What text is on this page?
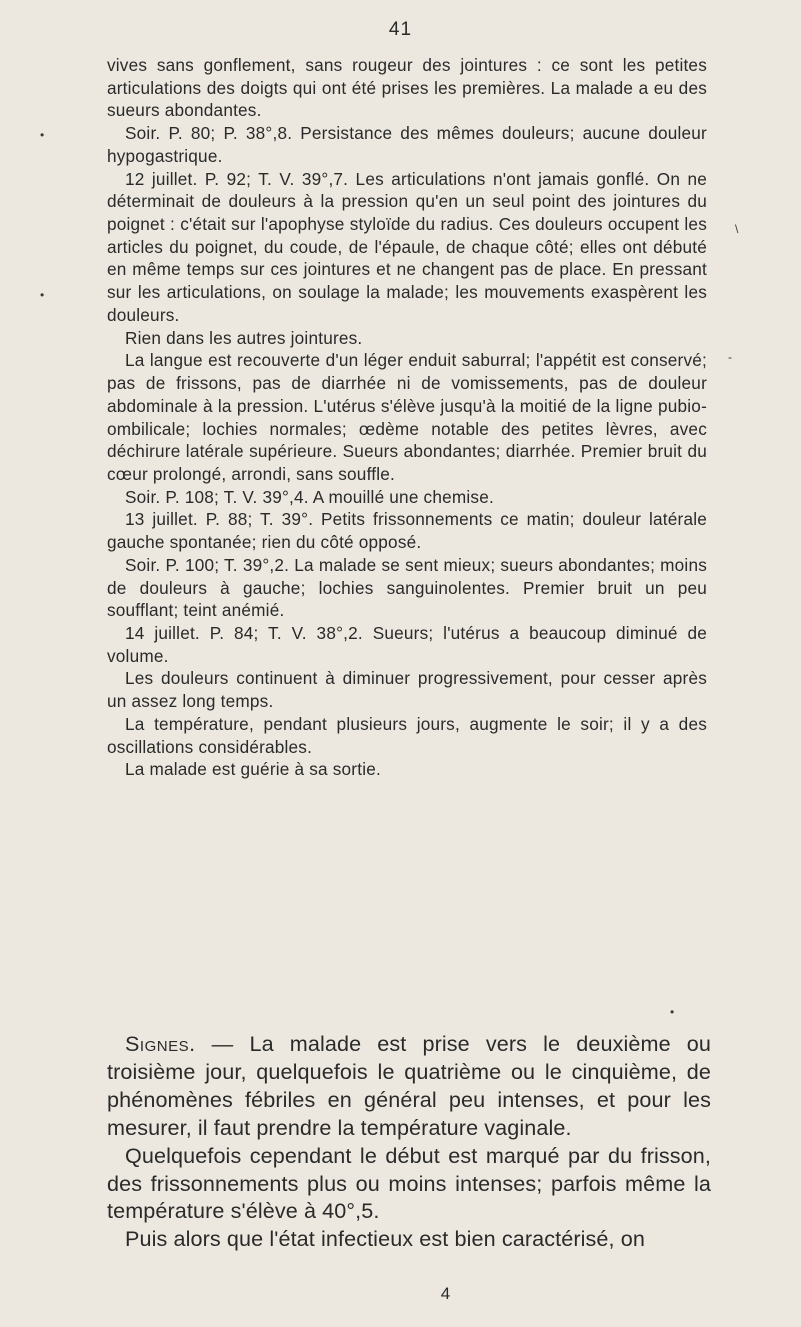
41
•
•
\
-
•

vives sans gonflement, sans rougeur des jointures : ce sont les petites articulations des doigts qui ont été prises les premières. La malade a eu des sueurs abondantes.

Soir. P. 80; P. 38°,8. Persistance des mêmes douleurs; aucune douleur hypogastrique.

12 juillet. P. 92; T. V. 39°,7. Les articulations n'ont jamais gonflé. On ne déterminait de douleurs à la pression qu'en un seul point des jointures du poignet : c'était sur l'apophyse styloïde du radius. Ces douleurs occupent les articles du poignet, du coude, de l'épaule, de chaque côté; elles ont débuté en même temps sur ces jointures et ne changent pas de place. En pressant sur les articulations, on soulage la malade; les mouvements exaspèrent les douleurs.

Rien dans les autres jointures.

La langue est recouverte d'un léger enduit saburral; l'appétit est conservé; pas de frissons, pas de diarrhée ni de vomissements, pas de douleur abdominale à la pression. L'utérus s'élève jusqu'à la moitié de la ligne pubio-ombilicale; lochies normales; œdème notable des petites lèvres, avec déchirure latérale supérieure. Sueurs abondantes; diarrhée. Premier bruit du cœur prolongé, arrondi, sans souffle.

Soir. P. 108; T. V. 39°,4. A mouillé une chemise.

13 juillet. P. 88; T. 39°. Petits frissonnements ce matin; douleur latérale gauche spontanée; rien du côté opposé.

Soir. P. 100; T. 39°,2. La malade se sent mieux; sueurs abondantes; moins de douleurs à gauche; lochies sanguinolentes. Premier bruit un peu soufflant; teint anémié.

14 juillet. P. 84; T. V. 38°,2. Sueurs; l'utérus a beaucoup diminué de volume.

Les douleurs continuent à diminuer progressivement, pour cesser après un assez long temps.

La température, pendant plusieurs jours, augmente le soir; il y a des oscillations considérables.

La malade est guérie à sa sortie.

Signes. — La malade est prise vers le deuxième ou troisième jour, quelquefois le quatrième ou le cinquième, de phénomènes fébriles en général peu intenses, et pour les mesurer, il faut prendre la température vaginale.

Quelquefois cependant le début est marqué par du frisson, des frissonnements plus ou moins intenses; parfois même la température s'élève à 40°,5.

Puis alors que l'état infectieux est bien caractérisé, on

4
